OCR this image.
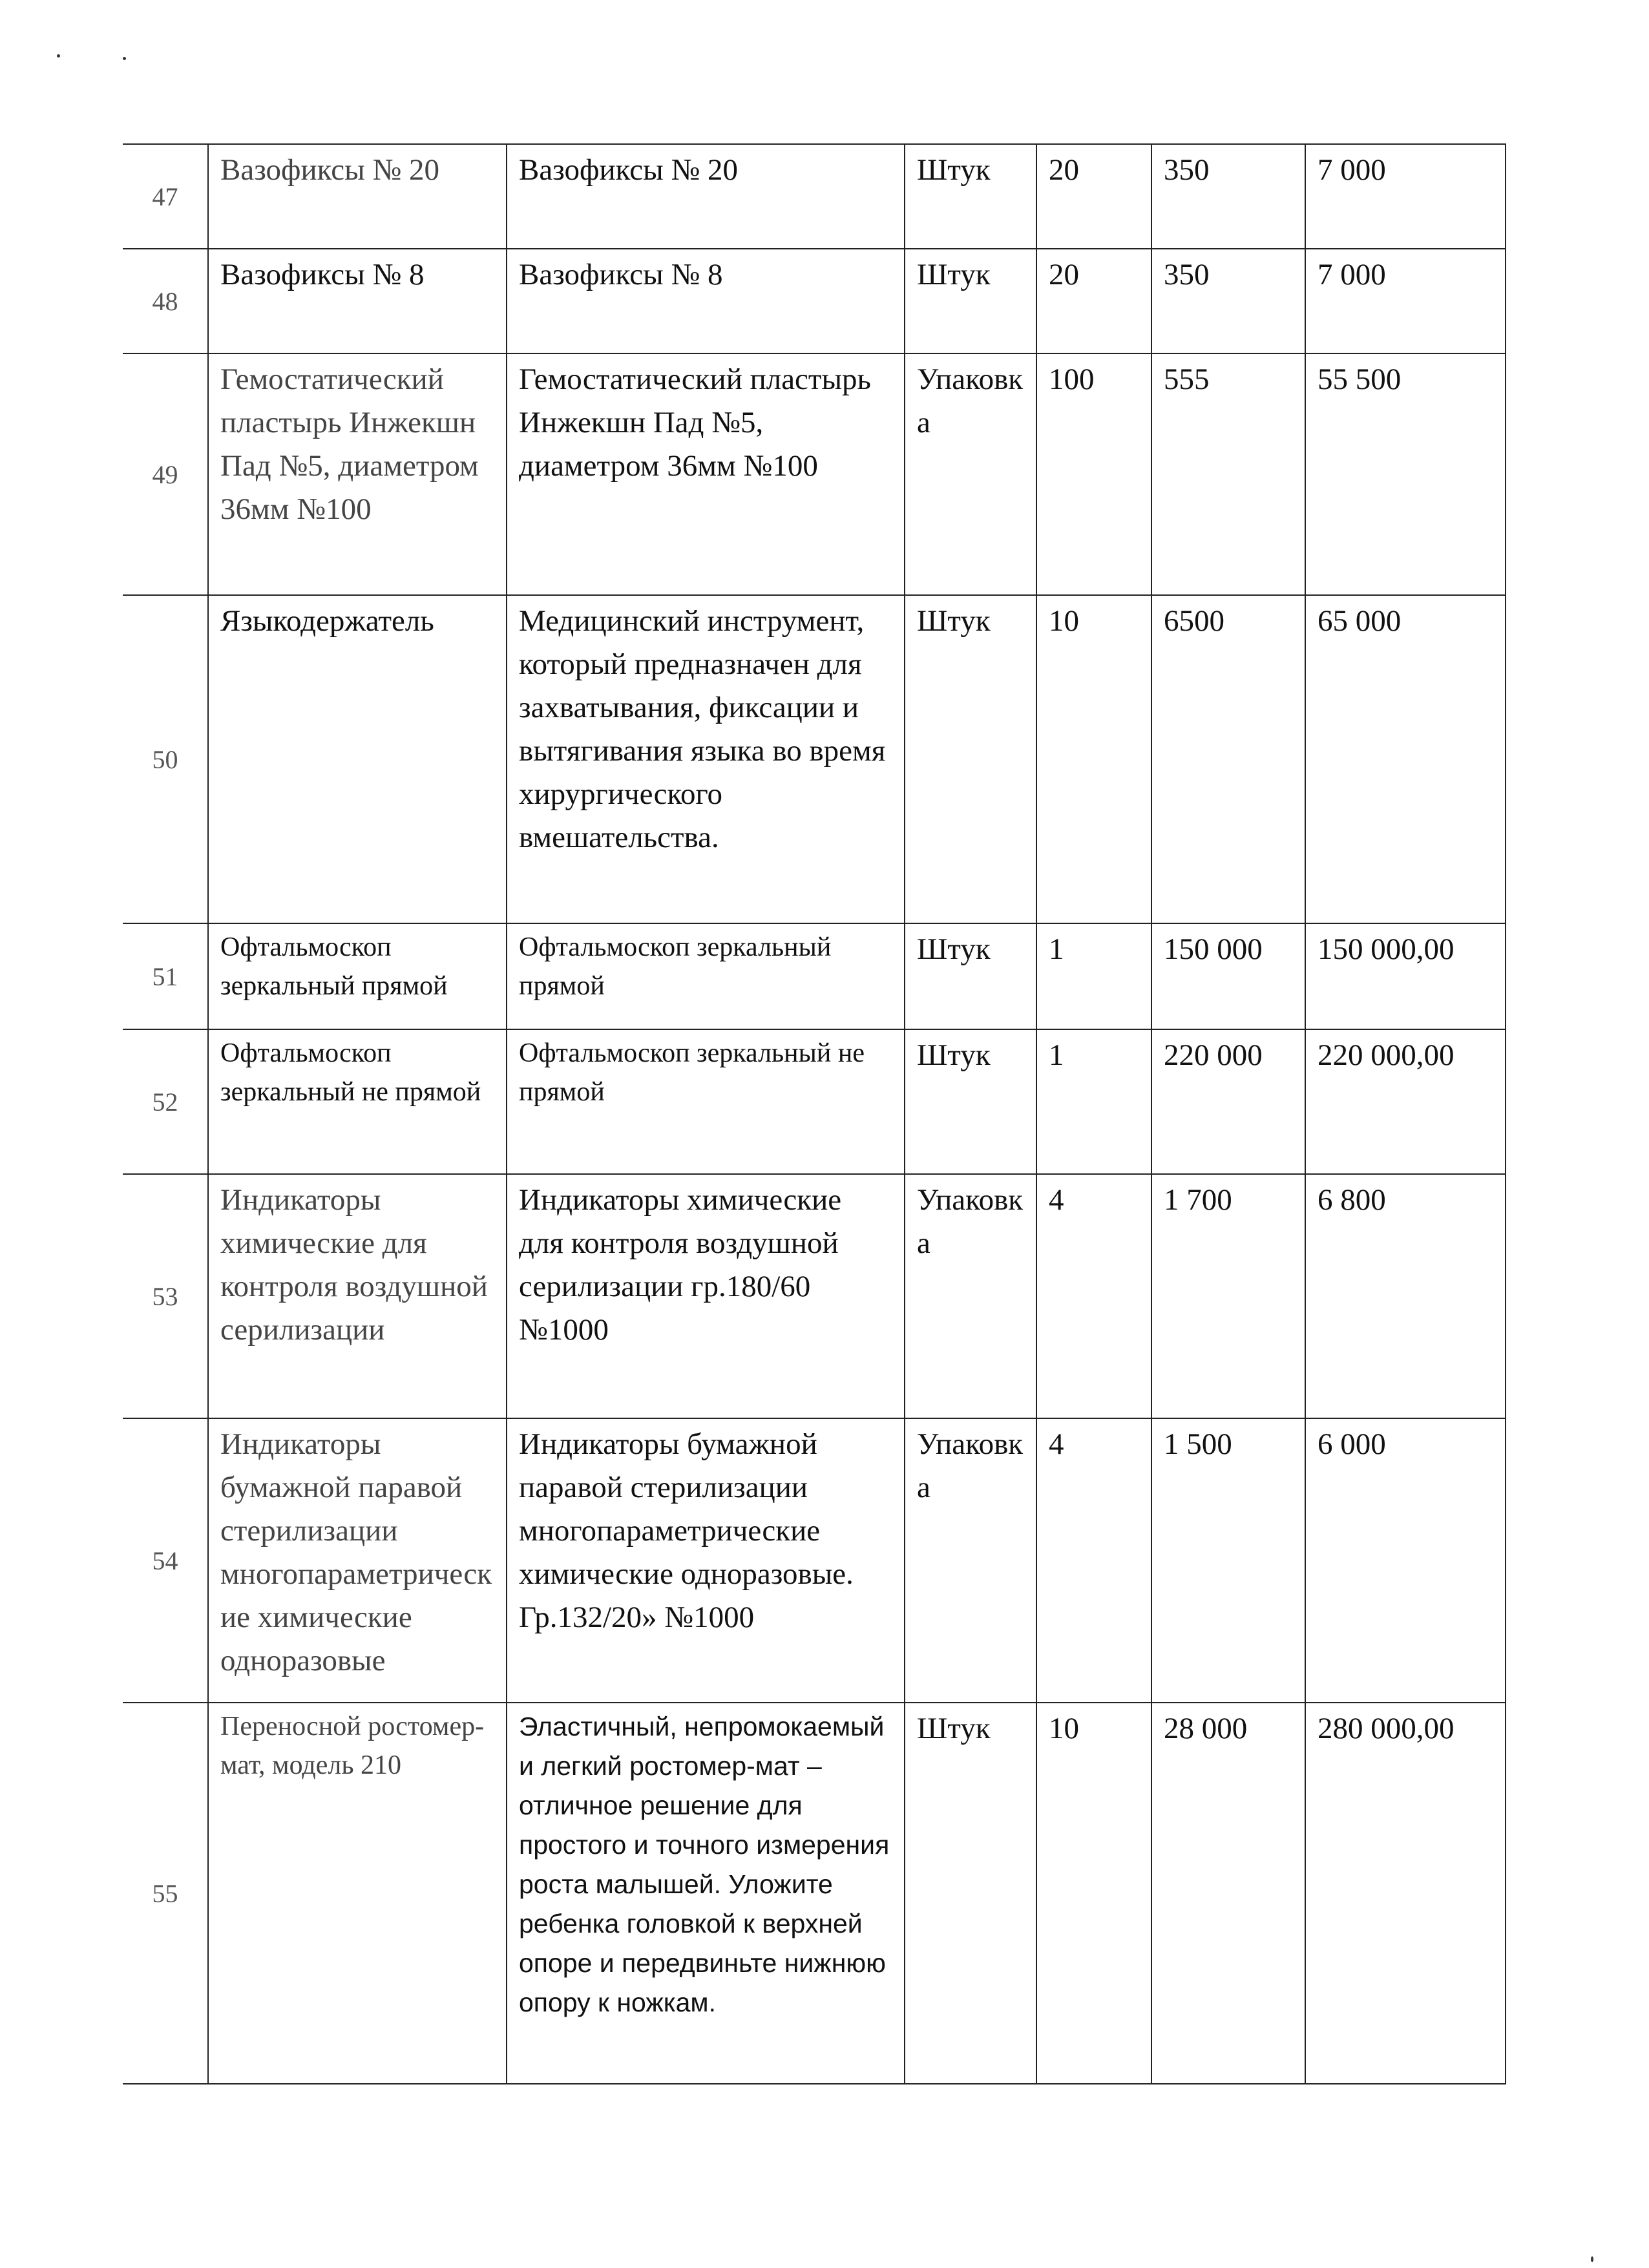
47	Вазофиксы № 20	Вазофиксы № 20	Штук	20	350	7 000
48	Вазофиксы № 8	Вазофиксы № 8	Штук	20	350	7 000
49	Гемостатический пластырь Инжекшн Пад №5, диаметром 36мм №100	Гемостатический пластырь Инжекшн Пад №5, диаметром 36мм №100	Упаковка	100	555	55 500
50	Языкодержатель	Медицинский инструмент, который предназначен для захватывания, фиксации и вытягивания языка во время хирургического вмешательства.	Штук	10	6500	65 000
51	Офтальмоскоп зеркальный прямой	Офтальмоскоп зеркальный прямой	Штук	1	150 000	150 000,00
52	Офтальмоскоп зеркальный не прямой	Офтальмоскоп зеркальный не прямой	Штук	1	220 000	220 000,00
53	Индикаторы химические для контроля воздушной серилизации	Индикаторы химические для контроля воздушной серилизации гр.180/60 №1000	Упаковка	4	1 700	6 800
54	Индикаторы бумажной паравой стерилизации многопараметрические химические одноразовые	Индикаторы бумажной паравой стерилизации многопараметрические химические одноразовые. Гр.132/20» №1000	Упаковка	4	1 500	6 000
55	Переносной ростомер-мат, модель 210	Эластичный, непромокаемый и легкий ростомер-мат – отличное решение для простого и точного измерения роста малышей. Уложите ребенка головкой к верхней опоре и передвиньте нижнюю опору к ножкам.	Штук	10	28 000	280 000,00
